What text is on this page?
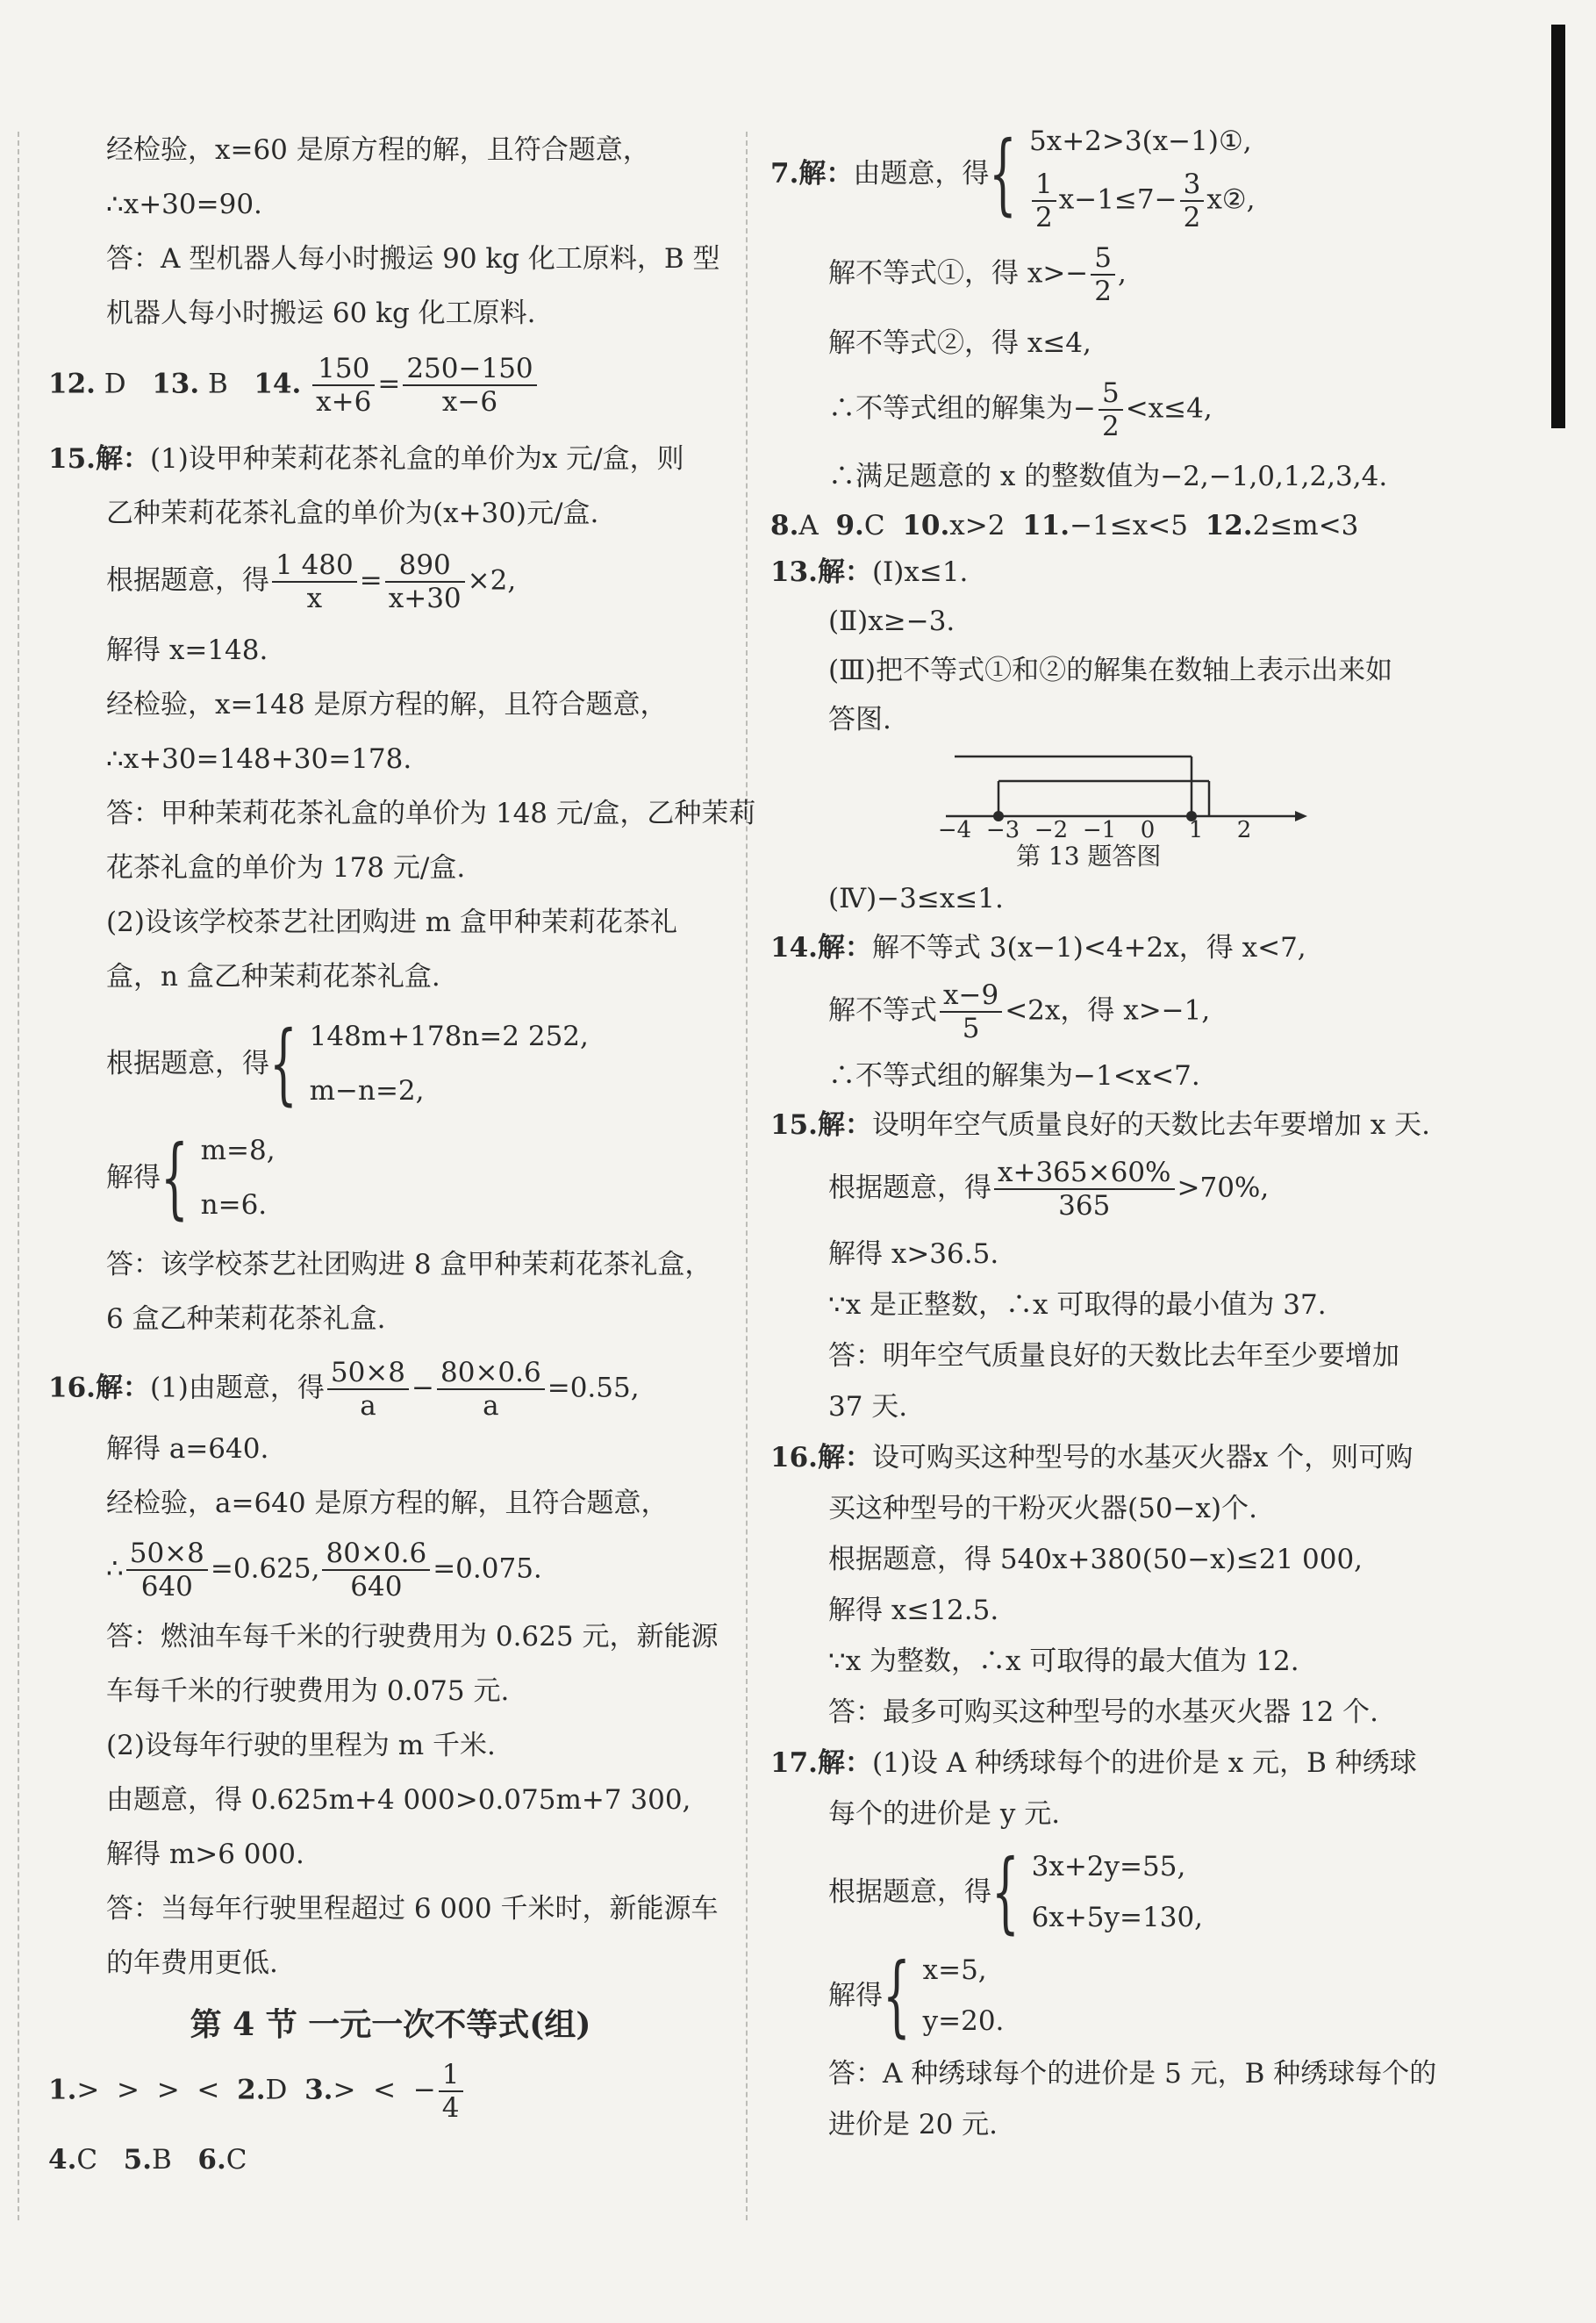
经检验，x=60 是原方程的解，且符合题意，

∴x+30=90.

答：A 型机器人每小时搬运 90 kg 化工原料，B 型

机器人每小时搬运 60 kg 化工原料.

12. D 13. B 14. $\frac{150}{x+6} = \frac{250-150}{x-6}$

15.解：(1)设甲种茉莉花茶礼盒的单价为x 元/盒，则

乙种茉莉花茶礼盒的单价为(x+30)元/盒.

根据题意，得 $\frac{1 480}{x} = \frac{890}{x+30} \times 2$,

解得 x=148.

经检验，x=148 是原方程的解，且符合题意，

∴x+30=148+30=178.

答：甲种茉莉花茶礼盒的单价为 148 元/盒，乙种茉莉

花茶礼盒的单价为 178 元/盒.

(2)设该学校茶艺社团购进 m 盒甲种茉莉花茶礼

盒，n 盒乙种茉莉花茶礼盒.

根据题意，得 { 148m+178n=2 252,
m−n=2,

解得 { m=8,
n=6.

答：该学校茶艺社团购进 8 盒甲种茉莉花茶礼盒，

6 盒乙种茉莉花茶礼盒.

16.解：(1)由题意，得 $\frac{50\times 8}{a} - \frac{80\times 0.6}{a} =0.55$,

解得 a=640.

经检验，a=640 是原方程的解，且符合题意，

∴ $\frac{50\times 8}{640} =0.625$, $\frac{80\times 0.6}{640} =0.075$.

答：燃油车每千米的行驶费用为 0.625 元，新能源

车每千米的行驶费用为 0.075 元.

(2)设每年行驶的里程为 m 千米.

由题意，得 0.625m+4 000>0.075m+7 300,

解得 m>6 000.

答：当每年行驶里程超过 6 000 千米时，新能源车

的年费用更低.

第 4 节 一元一次不等式(组)

1.>  >  >  < 2.D 3.>  <  − $\frac{1}{4}$

4.C 5.B 6.C

7.解：由题意，得 { 5x+2>3(x−1)①,
$\frac{1}{2} x-1\le 7- \frac{3}{2}$ x②,

解不等式①，得 $x>- \frac{5}{2}$ ,

解不等式②，得 x≤4,

∴不等式组的解集为− $\frac{5}{2} <x\le 4$,

∴满足题意的 x 的整数值为−2,−1,0,1,2,3,4.

8.A 9.C 10.x>2 11.−1≤x<5 12.2≤m<3

13.解：(Ⅰ)x≤1.

(Ⅱ)x≥−3.

(Ⅲ)把不等式①和②的解集在数轴上表示出来如

答图.

−4 −3 −2 −1 0 1 2

第 13 题答图

(Ⅳ)−3≤x≤1.

14.解：解不等式 3(x−1)<4+2x，得 x<7,

解不等式 $\frac{x-9}{5} <2x$，得 x>−1,

∴不等式组的解集为−1<x<7.

15.解：设明年空气质量良好的天数比去年要增加 x 天.

根据题意，得 $\frac{x+365\times 60\%}{365} >70\%$,

解得 x>36.5.

∵x 是正整数，∴x 可取得的最小值为 37.

答：明年空气质量良好的天数比去年至少要增加

37 天.

16.解：设可购买这种型号的水基灭火器x 个，则可购

买这种型号的干粉灭火器(50−x)个.

根据题意，得 540x+380(50−x)≤21 000,

解得 x≤12.5.

∵x 为整数，∴x 可取得的最大值为 12.

答：最多可购买这种型号的水基灭火器 12 个.

17.解：(1)设 A 种绣球每个的进价是 x 元，B 种绣球

每个的进价是 y 元.

根据题意，得 { 3x+2y=55,
6x+5y=130,

解得 { x=5,
y=20.

答：A 种绣球每个的进价是 5 元，B 种绣球每个的

进价是 20 元.
